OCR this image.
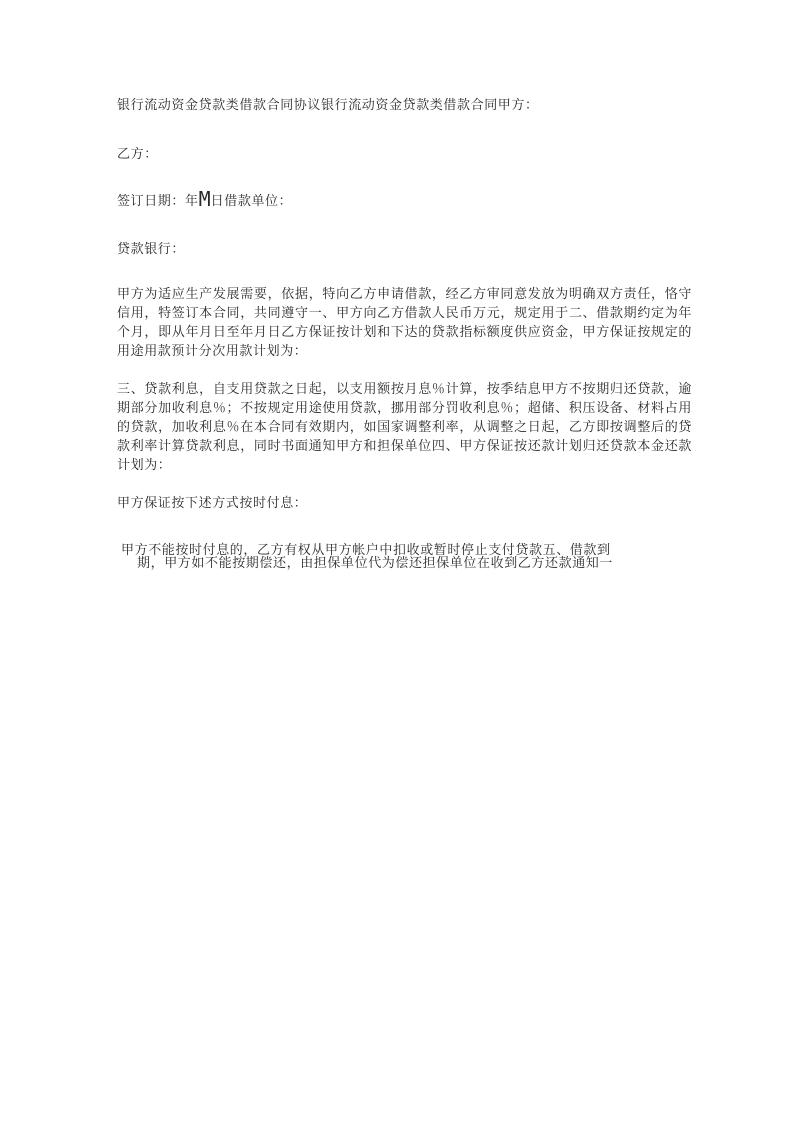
银行流动资金贷款类借款合同协议银行流动资金贷款类借款合同甲方：

乙方：

签订日期：年M日借款单位：

贷款银行：

甲方为适应生产发展需要，依据，特向乙方申请借款，经乙方审同意发放为明确双方责任，恪守信用，特签订本合同，共同遵守一、甲方向乙方借款人民币万元，规定用于二、借款期约定为年个月，即从年月日至年月日乙方保证按计划和下达的贷款指标额度供应资金，甲方保证按规定的用途用款预计分次用款计划为：

三、贷款利息，自支用贷款之日起，以支用额按月息％计算，按季结息甲方不按期归还贷款，逾期部分加收利息％；不按规定用途使用贷款，挪用部分罚收利息％；超储、积压设备、材料占用的贷款，加收利息％在本合同有效期内，如国家调整利率，从调整之日起，乙方即按调整后的贷款利率计算贷款利息，同时书面通知甲方和担保单位四、甲方保证按还款计划归还贷款本金还款计划为：

甲方保证按下述方式按时付息：

甲方不能按时付息的，乙方有权从甲方帐户中扣收或暂时停止支付贷款五、借款到

期，甲方如不能按期偿还，由担保单位代为偿还担保单位在收到乙方还款通知一
